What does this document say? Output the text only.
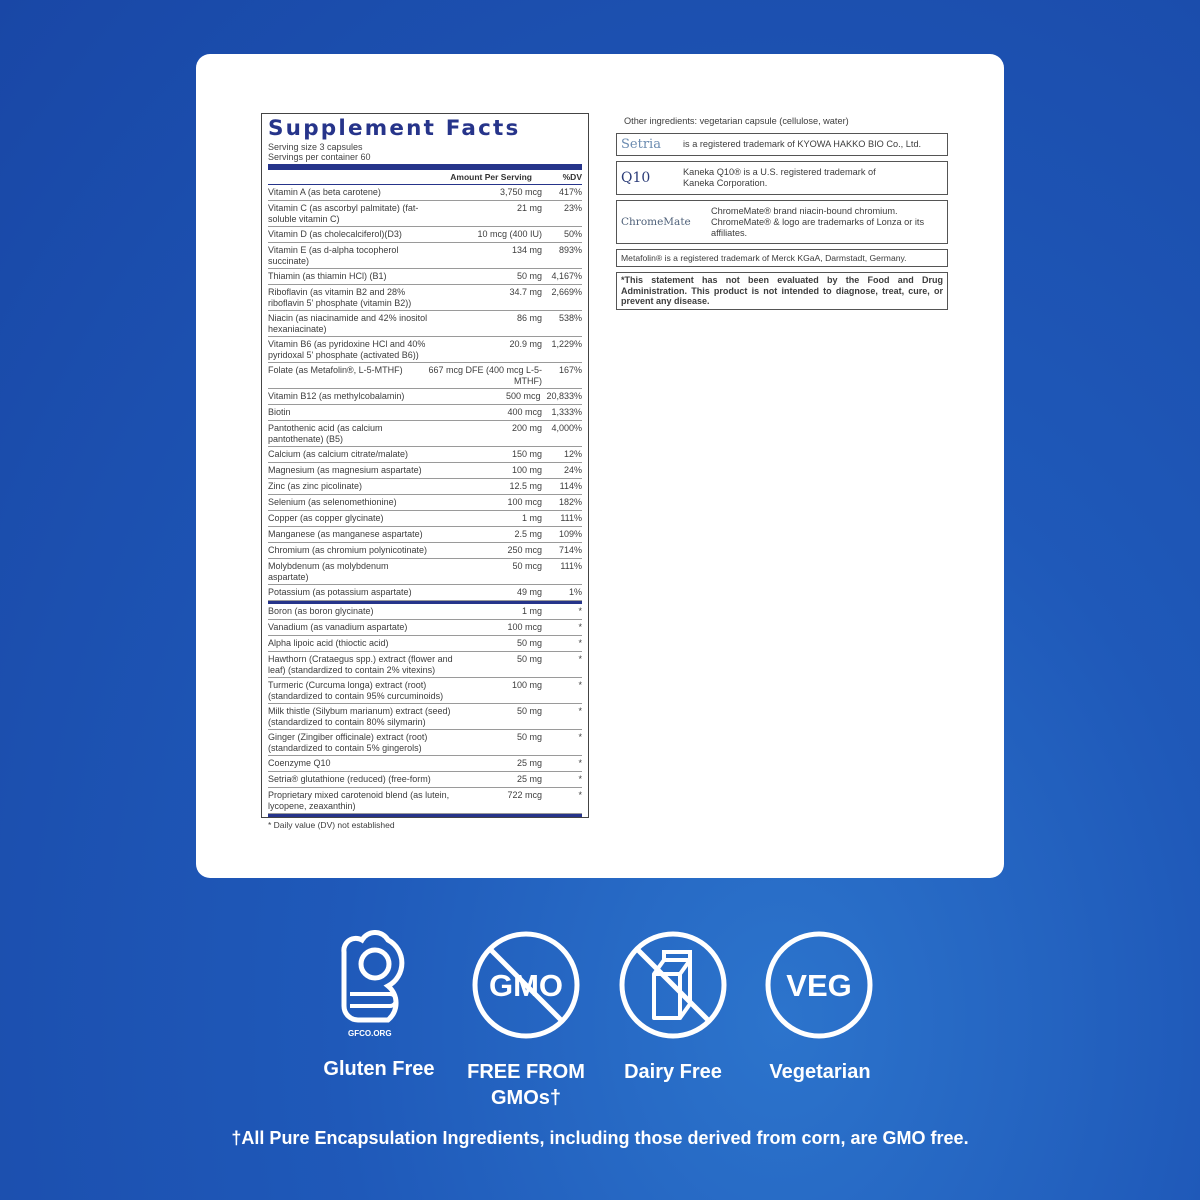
Supplement Facts
Serving size 3 capsules
Servings per container 60
Amount Per Serving	%DV
Vitamin A (as beta carotene)	3,750 mcg	417%
Vitamin C (as ascorbyl palmitate) (fat-soluble vitamin C)
21 mg	23%
Vitamin D (as cholecalciferol)(D3)	10 mcg (400 IU)	50%
Vitamin E (as d-alpha tocopherol succinate)
134 mg	893%
Thiamin (as thiamin HCl) (B1)	50 mg	4,167%
Riboflavin (as vitamin B2 and 28% riboflavin 5' phosphate (vitamin B2))
34.7 mg	2,669%
Niacin (as niacinamide and 42% inositol hexaniacinate)
86 mg	538%
Vitamin B6 (as pyridoxine HCl and 40% pyridoxal 5' phosphate (activated B6))
20.9 mg	1,229%
Folate (as Metafolin®, L-5-MTHF)	667 mcg DFE (400 mcg L-5-MTHF)
167%
Vitamin B12 (as methylcobalamin)	500 mcg 20,833%
Biotin	400 mcg	1,333%
Pantothenic acid (as calcium pantothenate) (B5)
200 mg	4,000%
Calcium (as calcium citrate/malate)	150 mg	12%
Magnesium (as magnesium aspartate)	100 mg	24%
Zinc (as zinc picolinate)	12.5 mg	114%
Selenium (as selenomethionine)	100 mcg	182%
Copper (as copper glycinate)	1 mg	111%
Manganese (as manganese aspartate)	2.5 mg	109%
Chromium (as chromium polynicotinate)	250 mcg	714%
Molybdenum (as molybdenum aspartate)
50 mcg	111%
Potassium (as potassium aspartate)	49 mg	1%
Boron (as boron glycinate)	1 mg	*
Vanadium (as vanadium aspartate)	100 mcg	*
Alpha lipoic acid (thioctic acid)	50 mg	*
Hawthorn (Crataegus spp.) extract (flower and leaf) (standardized to contain 2% vitexins)
50 mg	*
Turmeric (Curcuma longa) extract (root) (standardized to contain 95% curcuminoids)
100 mg	*
Milk thistle (Silybum marianum) extract (seed) (standardized to contain 80% silymarin)
50 mg	*
Ginger (Zingiber officinale) extract (root) (standardized to contain 5% gingerols)
50 mg	*
Coenzyme Q10	25 mg	*
Setria® glutathione (reduced) (free-form)	25 mg	*
Proprietary mixed carotenoid blend (as lutein, lycopene, zeaxanthin)
722 mcg	*
* Daily value (DV) not established
Other ingredients: vegetarian capsule (cellulose, water)
Setria	is a registered trademark of KYOWA HAKKO BIO Co., Ltd.
Q10	Kaneka Q10® is a U.S. registered trademark of Kaneka Corporation.
ChromeMate
ChromeMate® brand niacin-bound chromium. ChromeMate® & logo are trademarks of Lonza or its affiliates.
Metafolin® is a registered trademark of Merck KGaA, Darmstadt, Germany.
*This statement has not been evaluated by the Food and Drug Administration. This product is not intended to diagnose, treat, cure, or prevent any disease.
GFCO.ORG
GMO	VEG
Gluten Free	FREE FROM
GMOs†
Dairy Free	Vegetarian
†All Pure Encapsulation Ingredients, including those derived from corn, are GMO free.
